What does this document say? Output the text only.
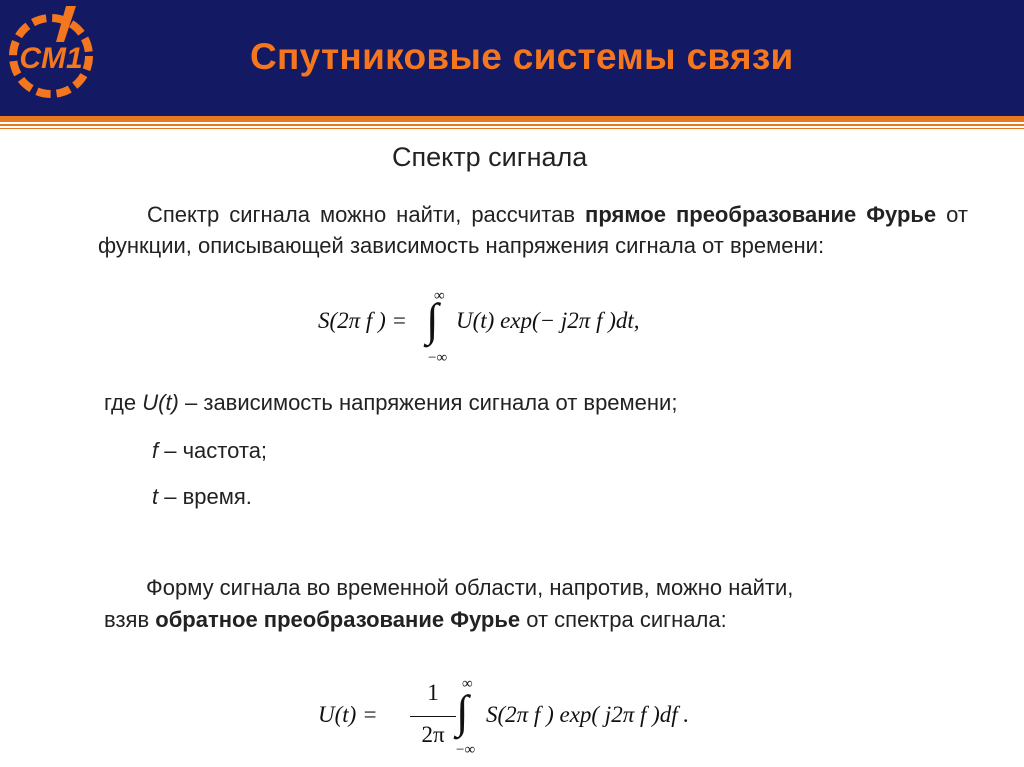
СМ1	Спутниковые системы связи
Спектр сигнала
Спектр сигнала можно найти, рассчитав прямое преобразование Фурье от функции, описывающей зависимость напряжения сигнала от времени:
S(2π f ) =
∞
∫
−∞
U(t) exp(− j2π f )dt,
где U(t) – зависимость напряжения сигнала от времени;
f – частота;
t – время.
Форму сигнала во временной области, напротив, можно найти,
взяв обратное преобразование Фурье от спектра сигнала:
U(t) =
1
2π
∞
∫
−∞
S(2π f ) exp( j2π f )df .
